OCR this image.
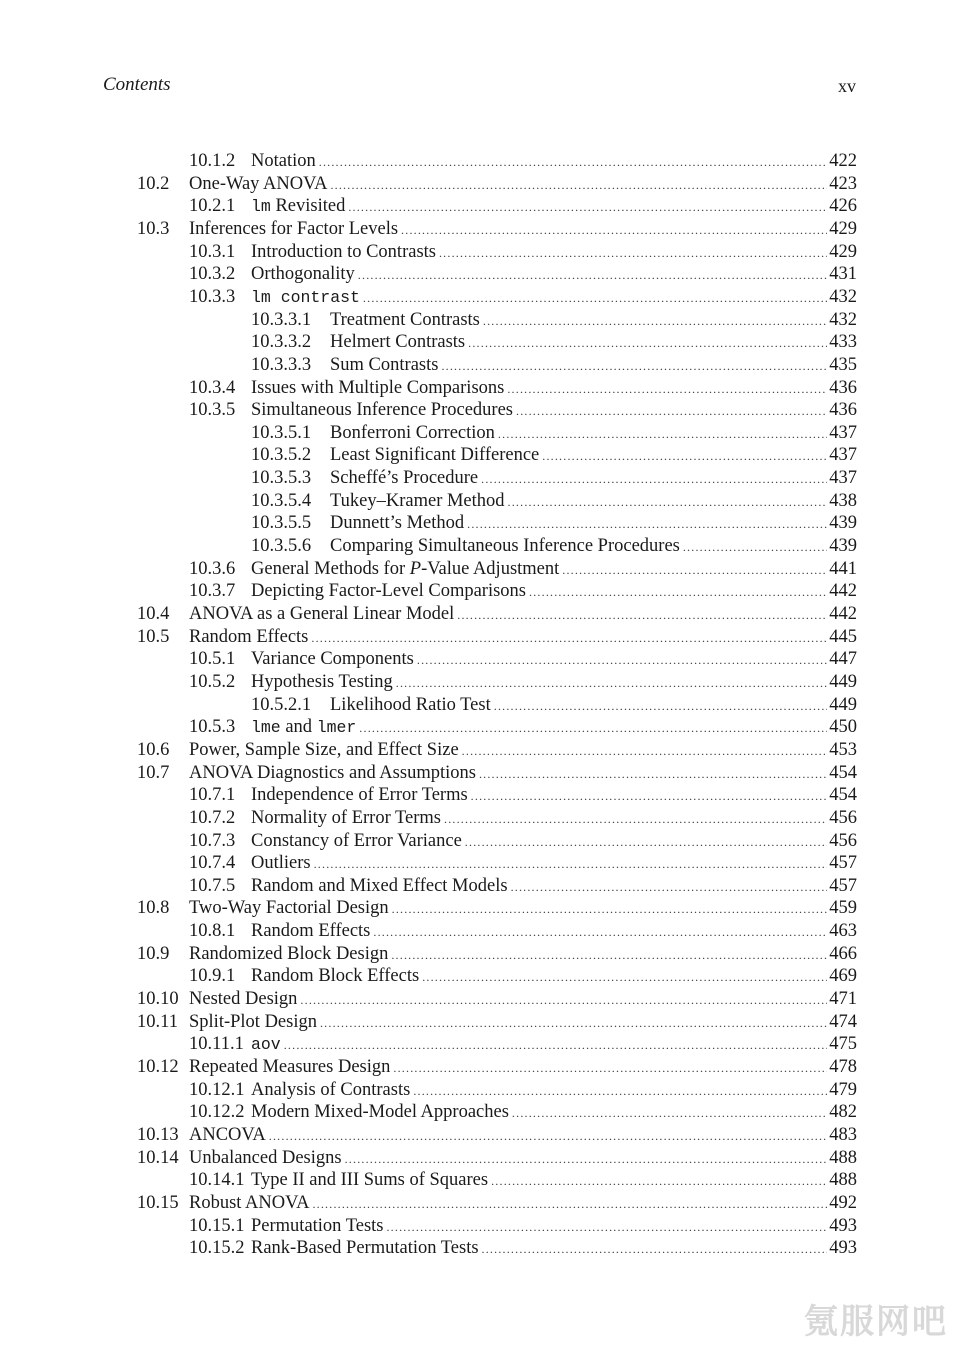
Contents	xv
10.1.2 Notation .....	422
10.2	One-Way ANOVA .....	423
10.2.1 lm Revisited .....	426
10.3	Inferences for Factor Levels .....	429
10.3.1 Introduction to Contrasts .....	429
10.3.2 Orthogonality .....	431
10.3.3 lm contrast .....	432
10.3.3.1	Treatment Contrasts .....	432
10.3.3.2	Helmert Contrasts .....	433
10.3.3.3	Sum Contrasts .....	435
10.3.4 Issues with Multiple Comparisons .....	436
10.3.5 Simultaneous Inference Procedures .....	436
10.3.5.1	Bonferroni Correction .....	437
10.3.5.2	Least Significant Difference .....	437
10.3.5.3	Scheffé’s Procedure .....	437
10.3.5.4	Tukey–Kramer Method .....	438
10.3.5.5	Dunnett’s Method .....	439
10.3.5.6	Comparing Simultaneous Inference Procedures .....	439
10.3.6 General Methods for P-Value Adjustment .....	441
10.3.7 Depicting Factor-Level Comparisons .....	442
10.4	ANOVA as a General Linear Model .....	442
10.5	Random Effects .....	445
10.5.1 Variance Components .....	447
10.5.2 Hypothesis Testing .....	449
10.5.2.1	Likelihood Ratio Test .....	449
10.5.3 lme and lmer .....	450
10.6	Power, Sample Size, and Effect Size .....	453
10.7	ANOVA Diagnostics and Assumptions .....	454
10.7.1 Independence of Error Terms .....	454
10.7.2 Normality of Error Terms .....	456
10.7.3 Constancy of Error Variance .....	456
10.7.4 Outliers .....	457
10.7.5 Random and Mixed Effect Models .....	457
10.8	Two-Way Factorial Design .....	459
10.8.1 Random Effects .....	463
10.9	Randomized Block Design .....	466
10.9.1 Random Block Effects .....	469
10.10 Nested Design .....	471
10.11 Split-Plot Design .....	474
10.11.1 aov .....	475
10.12 Repeated Measures Design .....	478
10.12.1 Analysis of Contrasts .....	479
10.12.2 Modern Mixed-Model Approaches .....	482
10.13 ANCOVA .....	483
10.14 Unbalanced Designs .....	488
10.14.1 Type II and III Sums of Squares .....	488
10.15 Robust ANOVA .....	492
10.15.1 Permutation Tests .....	493
10.15.2 Rank-Based Permutation Tests .....	493
氪服网吧
